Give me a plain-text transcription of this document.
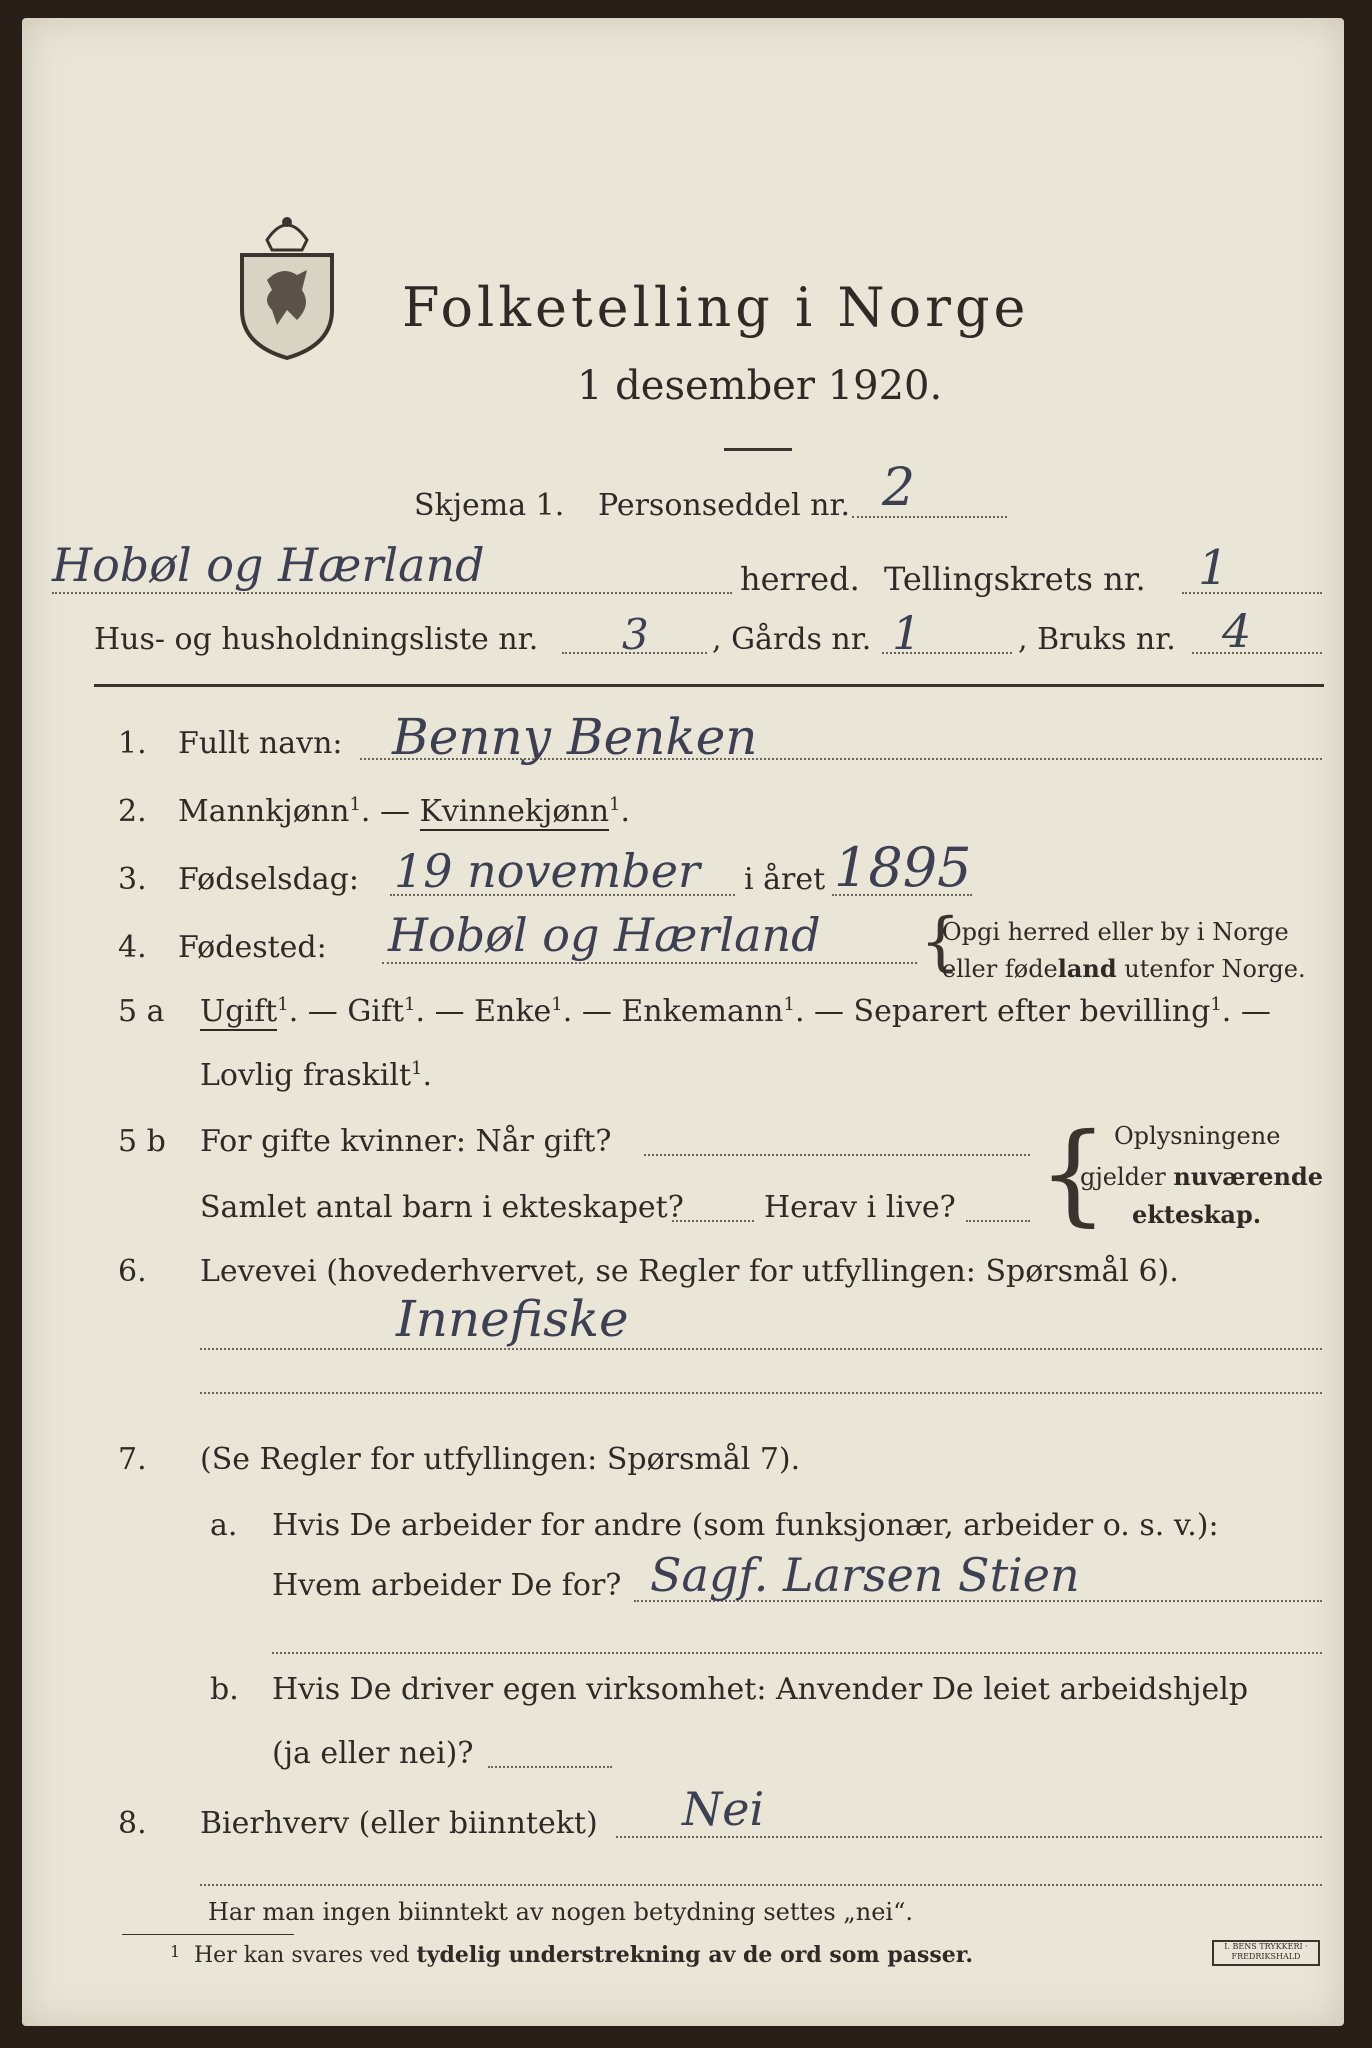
Folketelling i Norge
1 desember 1920.
Skjema 1. Personseddel nr. 2
Hobøl og Hærland	herred. Tellingskrets nr. 1
Hus- og husholdningsliste nr. 3 , Gårds nr. 1	, Bruks nr. 4
1. Fullt navn: Benny Benken
2. Mannkjønn$^1$. — Kvinnekjønn$^1$.
3. Fødselsdag: 19 november i året 1895
4. Fødested: Hobøl og Hærland {
Opgi herred eller by i Norge
eller fødeland utenfor Norge.
5 a Ugift$^1$. — Gift$^1$. — Enke$^1$. — Enkemann$^1$. — Separert efter bevilling$^1$. —
Lovlig fraskilt$^1$.
5 b For gifte kvinner: Når gift?
Samlet antal barn i ekteskapet?	Herav i live? { Oplysningene
gjelder nuværende
ekteskap.
6. Levevei (hovederhvervet, se Regler for utfyllingen: Spørsmål 6).
Innefiske
7. (Se Regler for utfyllingen: Spørsmål 7).
a. Hvis De arbeider for andre (som funksjonær, arbeider o. s. v.):
Hvem arbeider De for? Sagf. Larsen Stien
b. Hvis De driver egen virksomhet: Anvender De leiet arbeidshjelp
(ja eller nei)?
8. Bierhverv (eller biinntekt) Nei
Har man ingen biinntekt av nogen betydning settes „nei“.
1 Her kan svares ved tydelig understrekning av de ord som passer.	I. BENS TRYKKERI · FREDRIKSHALD
